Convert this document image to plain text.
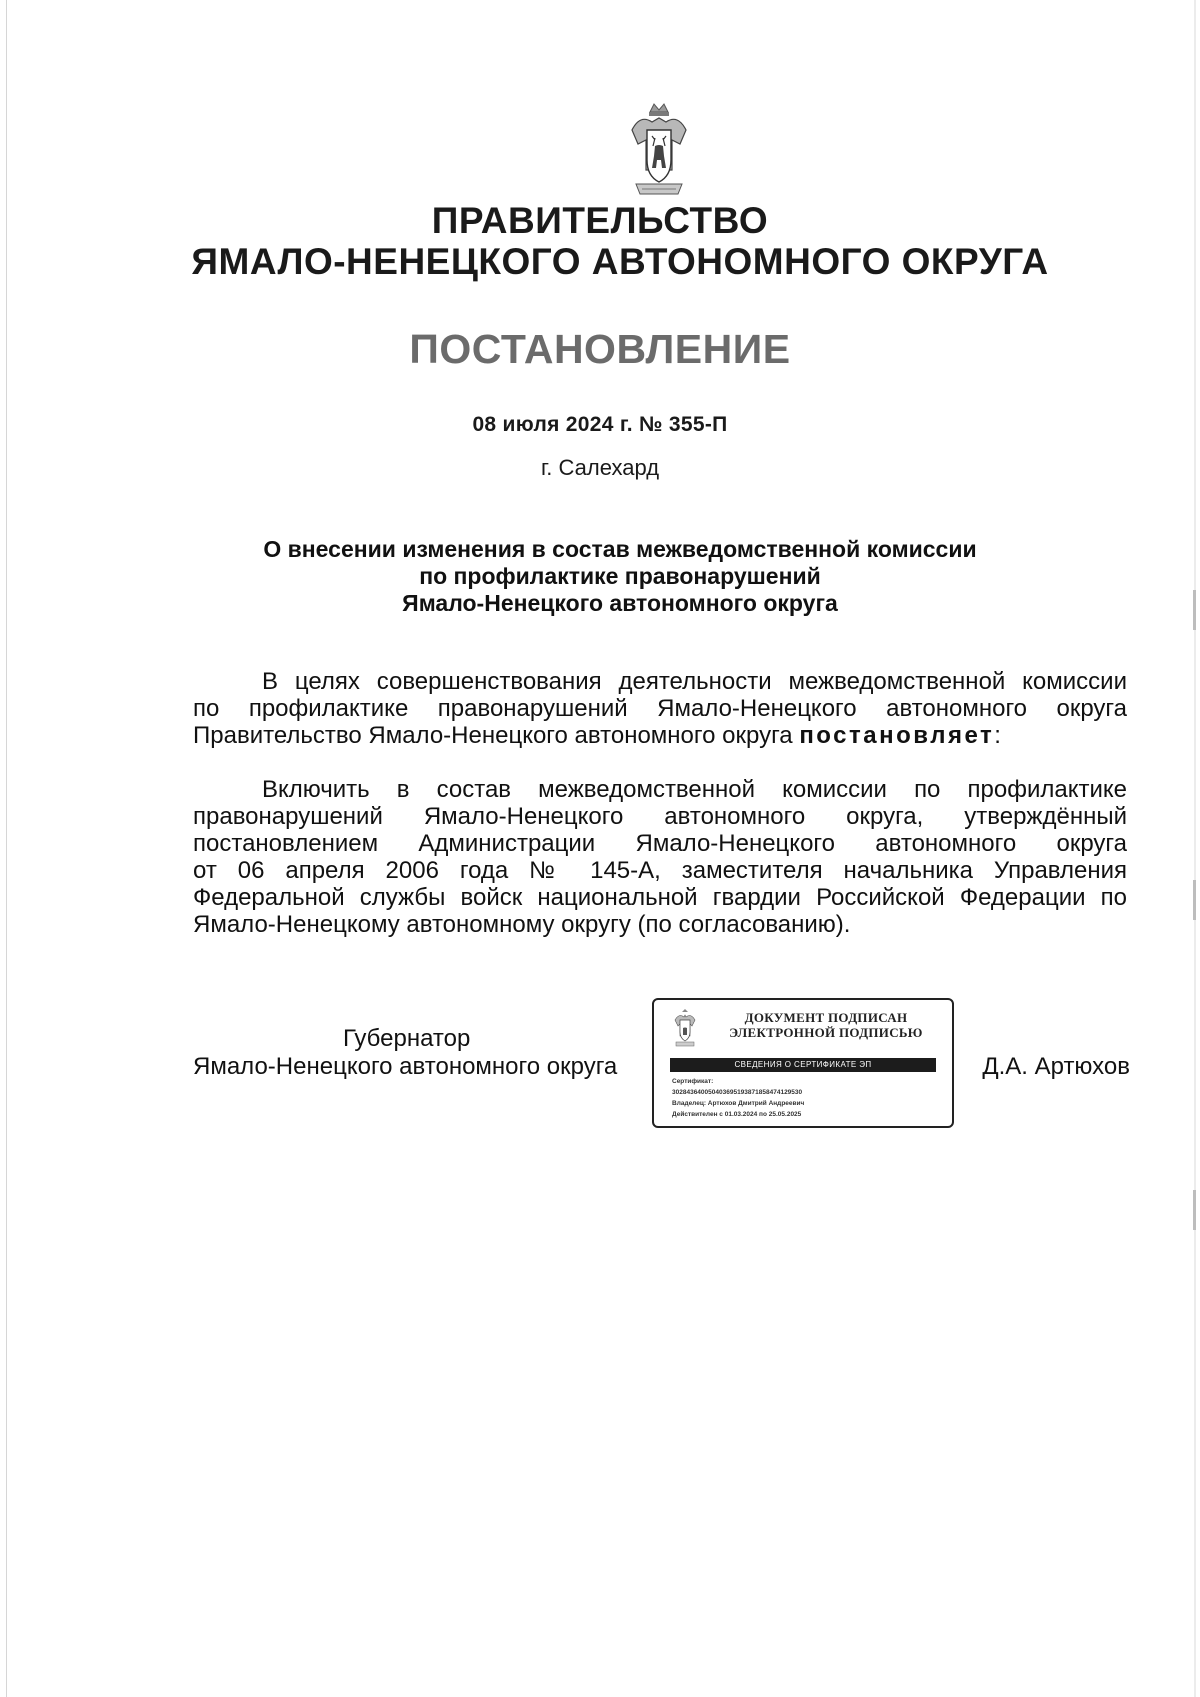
ПРАВИТЕЛЬСТВО
ЯМАЛО-НЕНЕЦКОГО АВТОНОМНОГО ОКРУГА
ПОСТАНОВЛЕНИЕ
08 июля 2024 г. № 355-П
г. Салехард
О внесении изменения в состав межведомственной комиссии
по профилактике правонарушений
Ямало-Ненецкого автономного округа
В целях совершенствования деятельности межведомственной комиссии
по профилактике правонарушений Ямало-Ненецкого автономного округа
Правительство Ямало-Ненецкого автономного округа постановляет:
Включить в состав межведомственной комиссии по профилактике
правонарушений Ямало-Ненецкого автономного округа, утверждённый
постановлением Администрации Ямало-Ненецкого автономного округа
от 06 апреля 2006 года № 145-А, заместителя начальника Управления
Федеральной службы войск национальной гвардии Российской Федерации по
Ямало-Ненецкому автономному округу (по согласованию).
Губернатор
Ямало-Ненецкого автономного округа
ДОКУМЕНТ ПОДПИСАН
ЭЛЕКТРОННОЙ ПОДПИСЬЮ
СВЕДЕНИЯ О СЕРТИФИКАТЕ ЭП
Сертификат:
302843640050403695193871858474129530
Владелец: Артюхов Дмитрий Андреевич
Действителен с 01.03.2024 по 25.05.2025
Д.А. Артюхов
